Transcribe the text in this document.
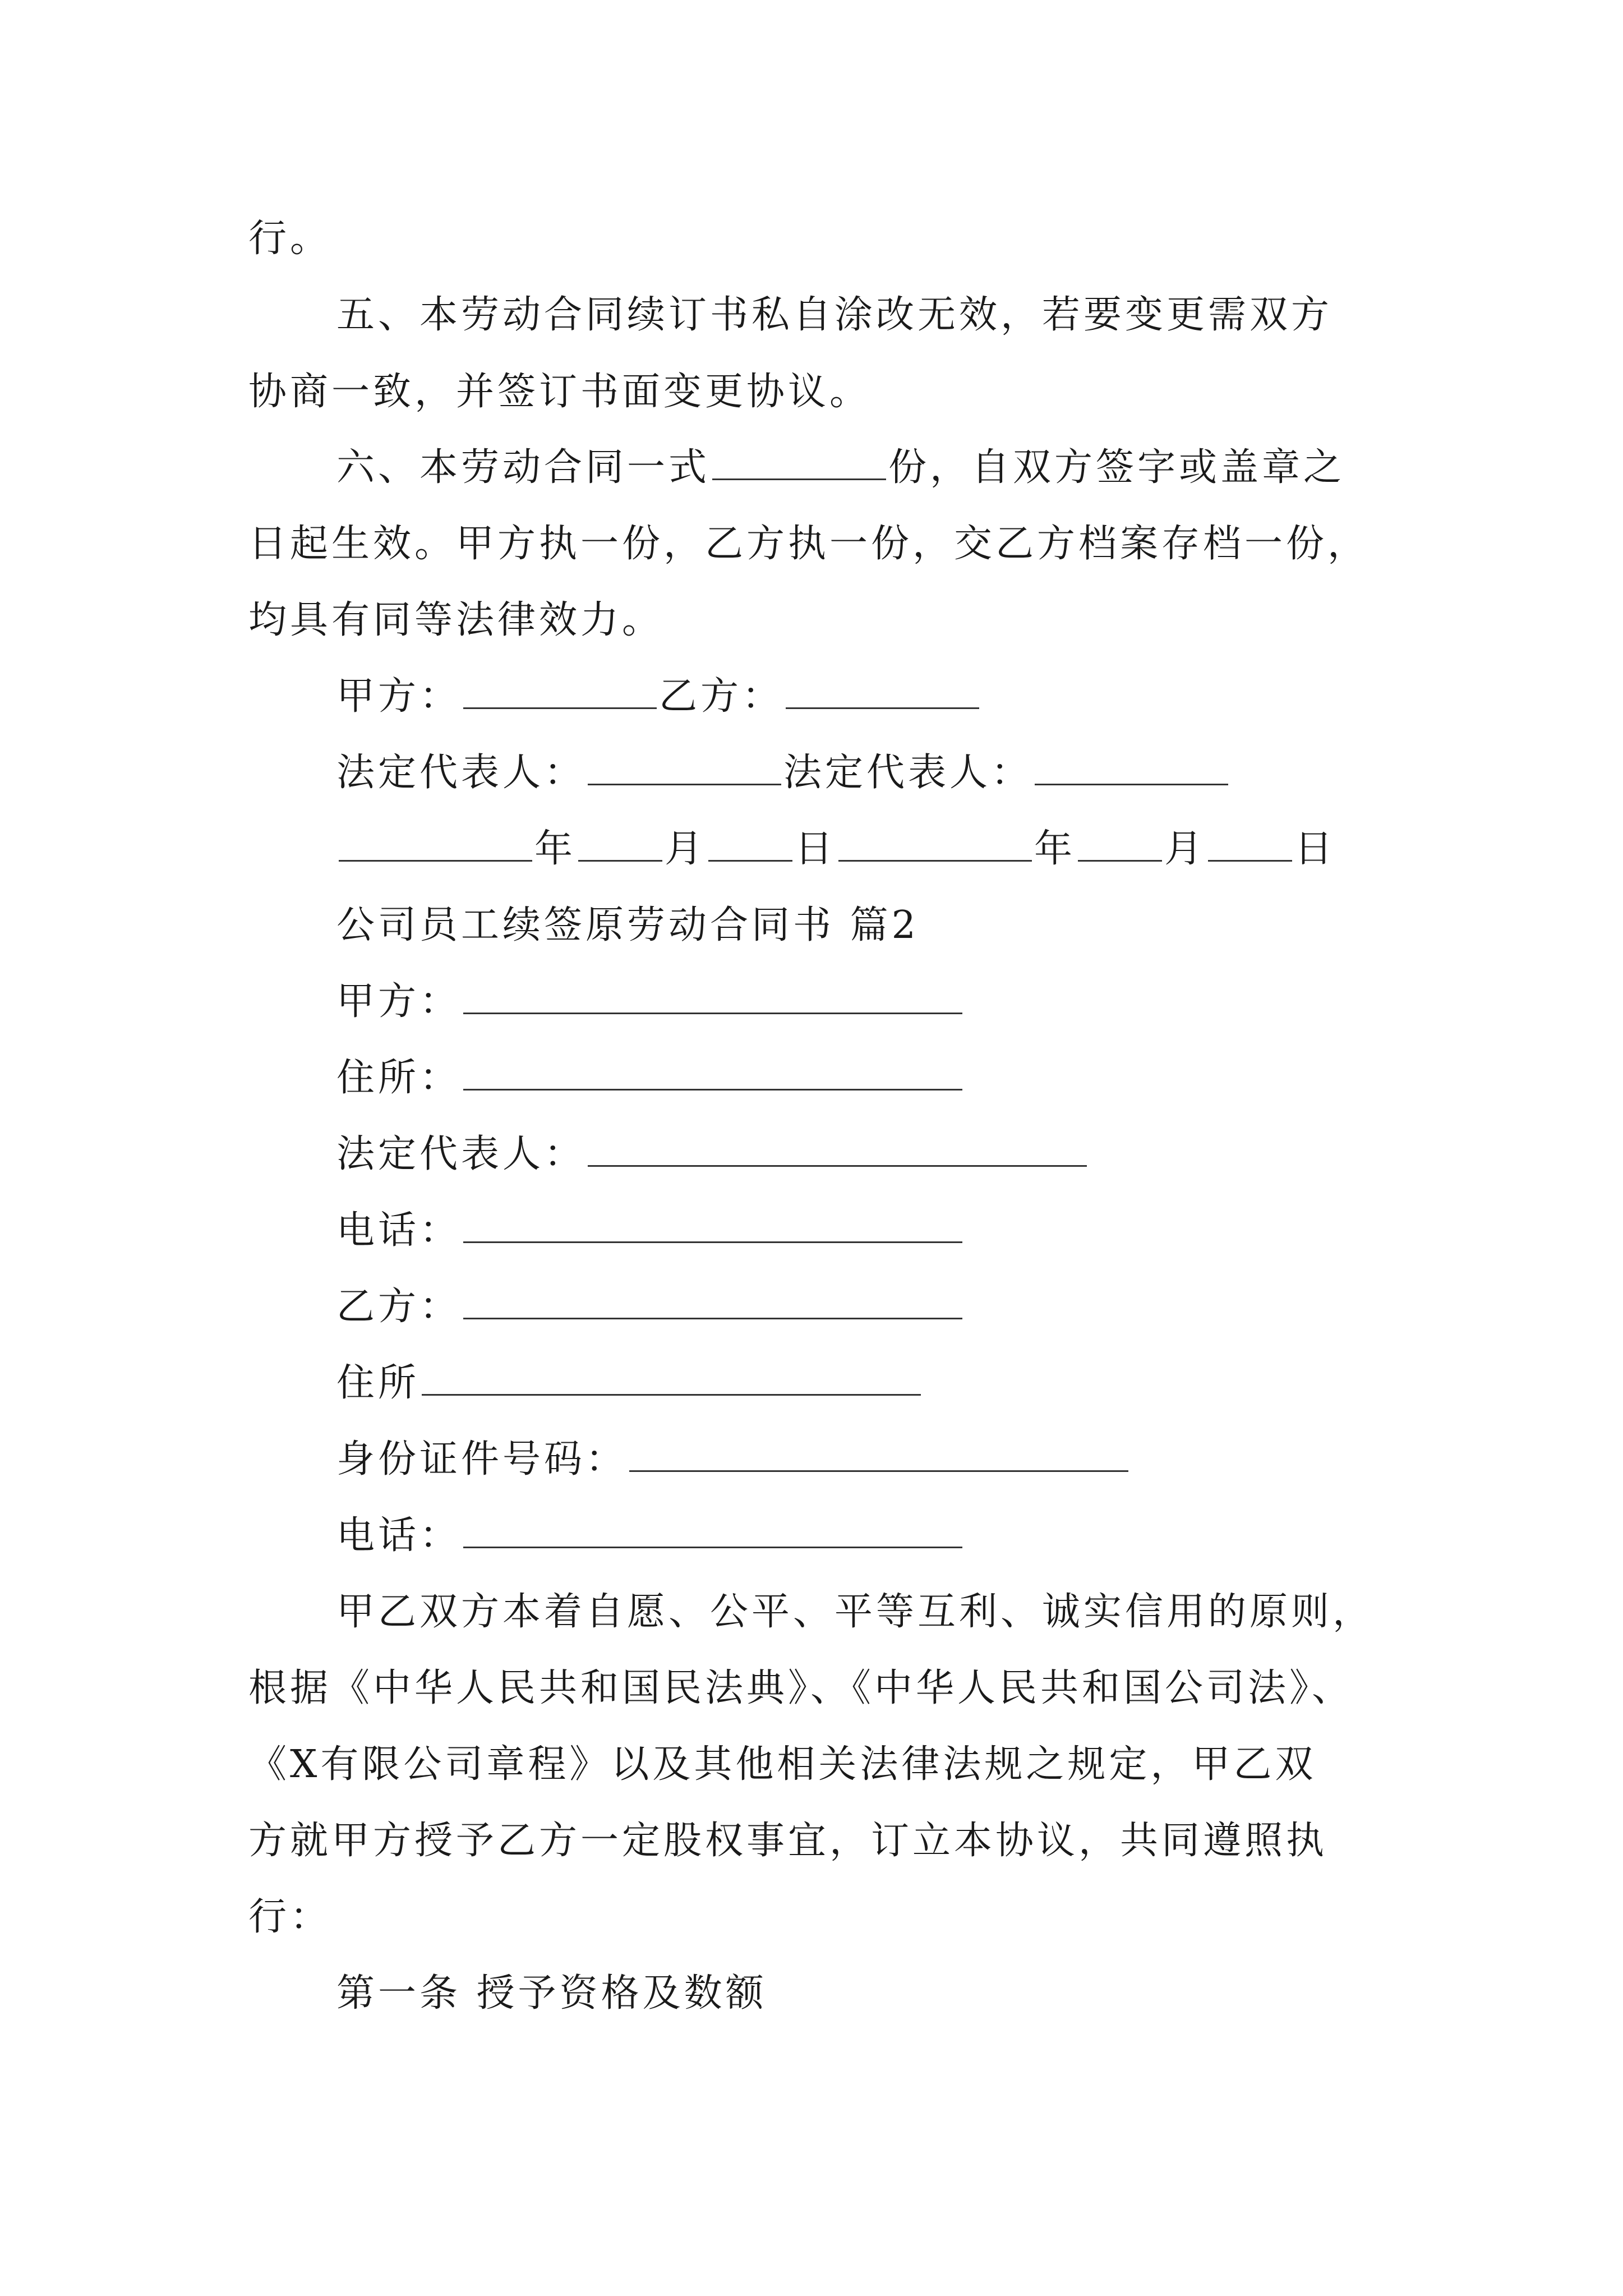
行。
五、本劳动合同续订书私自涂改无效，若要变更需双方
协商一致，并签订书面变更协议。
六、本劳动合同一式	份，自双方签字或盖章之
日起生效。甲方执一份，乙方执一份，交乙方档案存档一份，
均具有同等法律效力。
甲方：	乙方：
法定代表人：	法定代表人：
年 月 日	年 月 日
公司员工续签原劳动合同书 篇2
甲方：
住所：
法定代表人：
电话：
乙方：
住所
身份证件号码：
电话：
甲乙双方本着自愿、公平、平等互利、诚实信用的原则，
根据《中华人民共和国民法典》、《中华人民共和国公司法》、
《X有限公司章程》以及其他相关法律法规之规定，甲乙双
方就甲方授予乙方一定股权事宜，订立本协议，共同遵照执
行：
第一条 授予资格及数额
